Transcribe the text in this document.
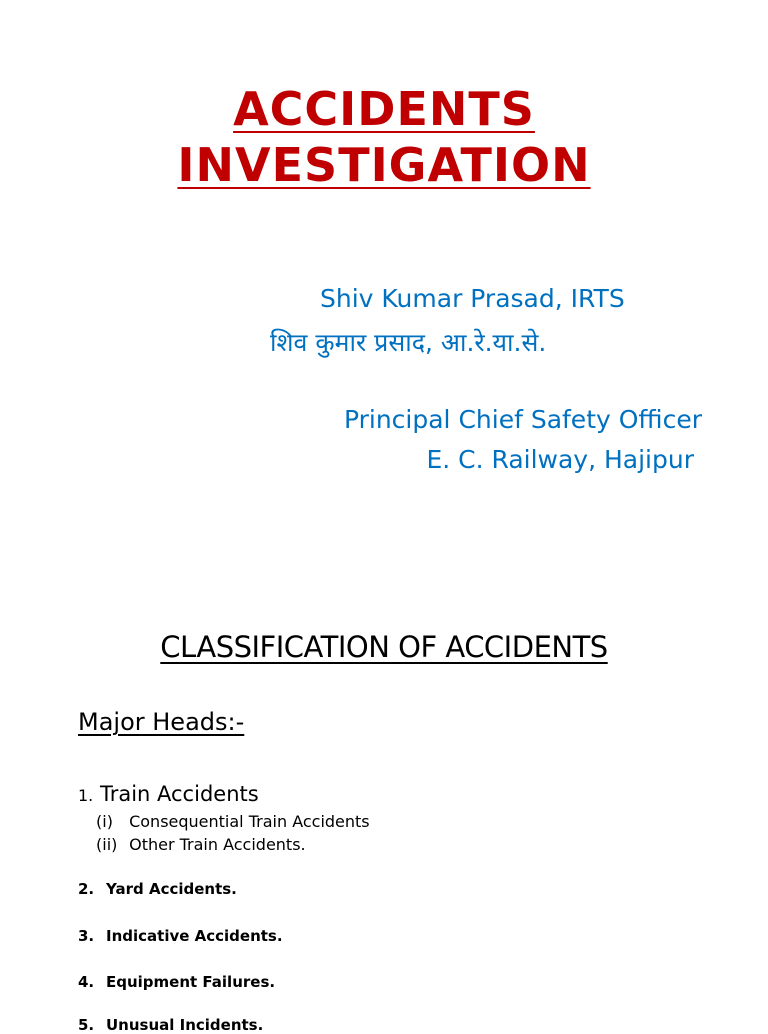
ACCIDENTS
INVESTIGATION
Shiv Kumar Prasad, IRTS
शिव कुमार प्रसाद, आ.रे.या.से.
Principal Chief Safety Officer
E. C. Railway, Hajipur
CLASSIFICATION OF ACCIDENTS
Major Heads:-
1. Train Accidents
(i) Consequential Train Accidents
(ii) Other Train Accidents.
2. Yard Accidents.
3. Indicative Accidents.
4. Equipment Failures.
5. Unusual Incidents.
